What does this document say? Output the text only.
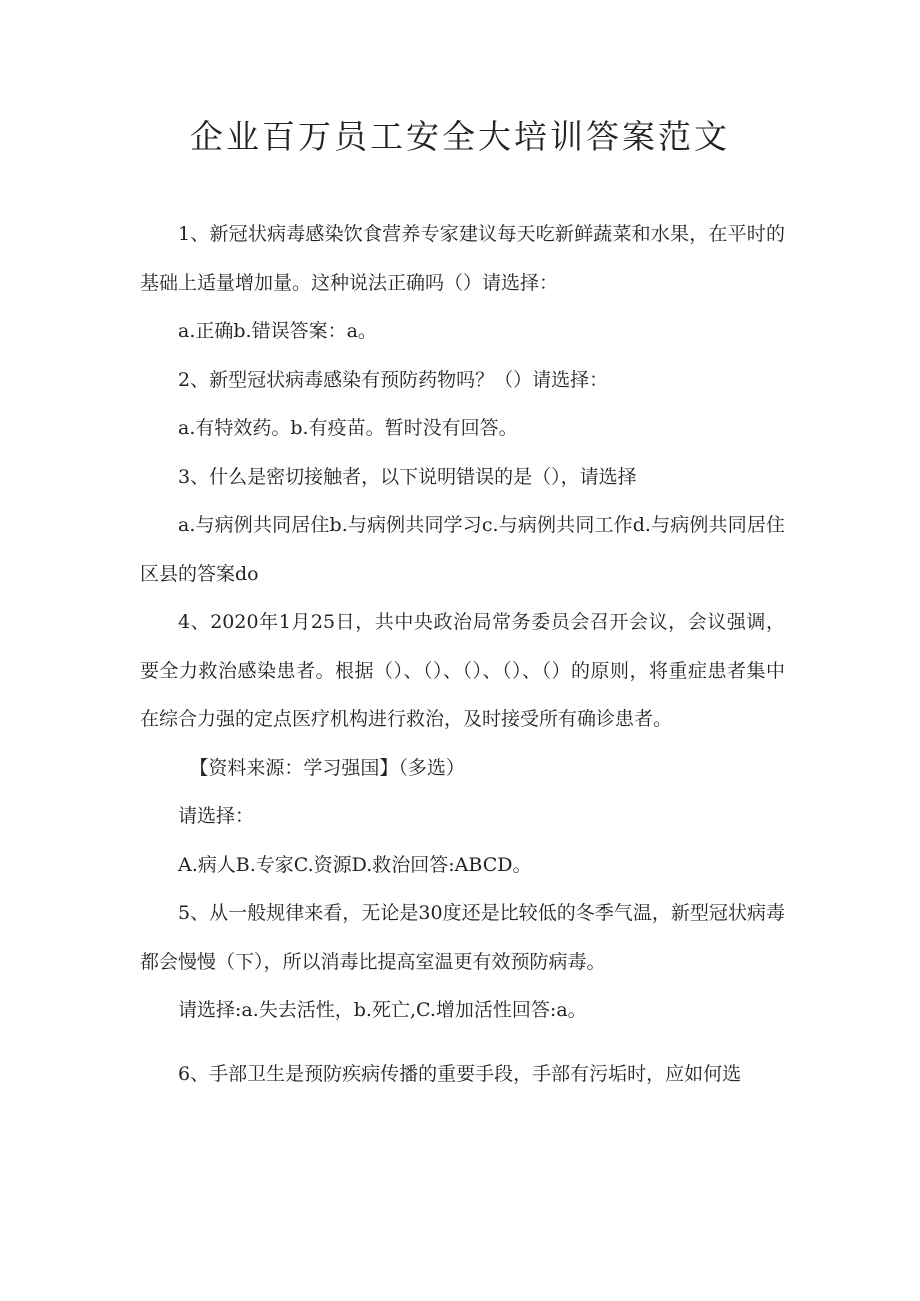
企业百万员工安全大培训答案范文

1、新冠状病毒感染饮食营养专家建议每天吃新鲜蔬菜和水果，在平时的基础上适量增加量。这种说法正确吗（）请选择：

a.正确b.错误答案：a。

2、新型冠状病毒感染有预防药物吗？（）请选择：

a.有特效药。b.有疫苗。暂时没有回答。

3、什么是密切接触者，以下说明错误的是（），请选择

a.与病例共同居住b.与病例共同学习c.与病例共同工作d.与病例共同居住区县的答案do

4、2020年1月25日，共中央政治局常务委员会召开会议，会议强调，要全力救治感染患者。根据（）、（）、（）、（）、（）的原则，将重症患者集中在综合力强的定点医疗机构进行救治，及时接受所有确诊患者。

【资料来源：学习强国】（多选）

请选择：

A.病人B.专家C.资源D.救治回答:ABCD。

5、从一般规律来看，无论是30度还是比较低的冬季气温，新型冠状病毒都会慢慢（下），所以消毒比提高室温更有效预防病毒。

请选择:a.失去活性，b.死亡,C.增加活性回答:a。

6、手部卫生是预防疾病传播的重要手段，手部有污垢时，应如何选
